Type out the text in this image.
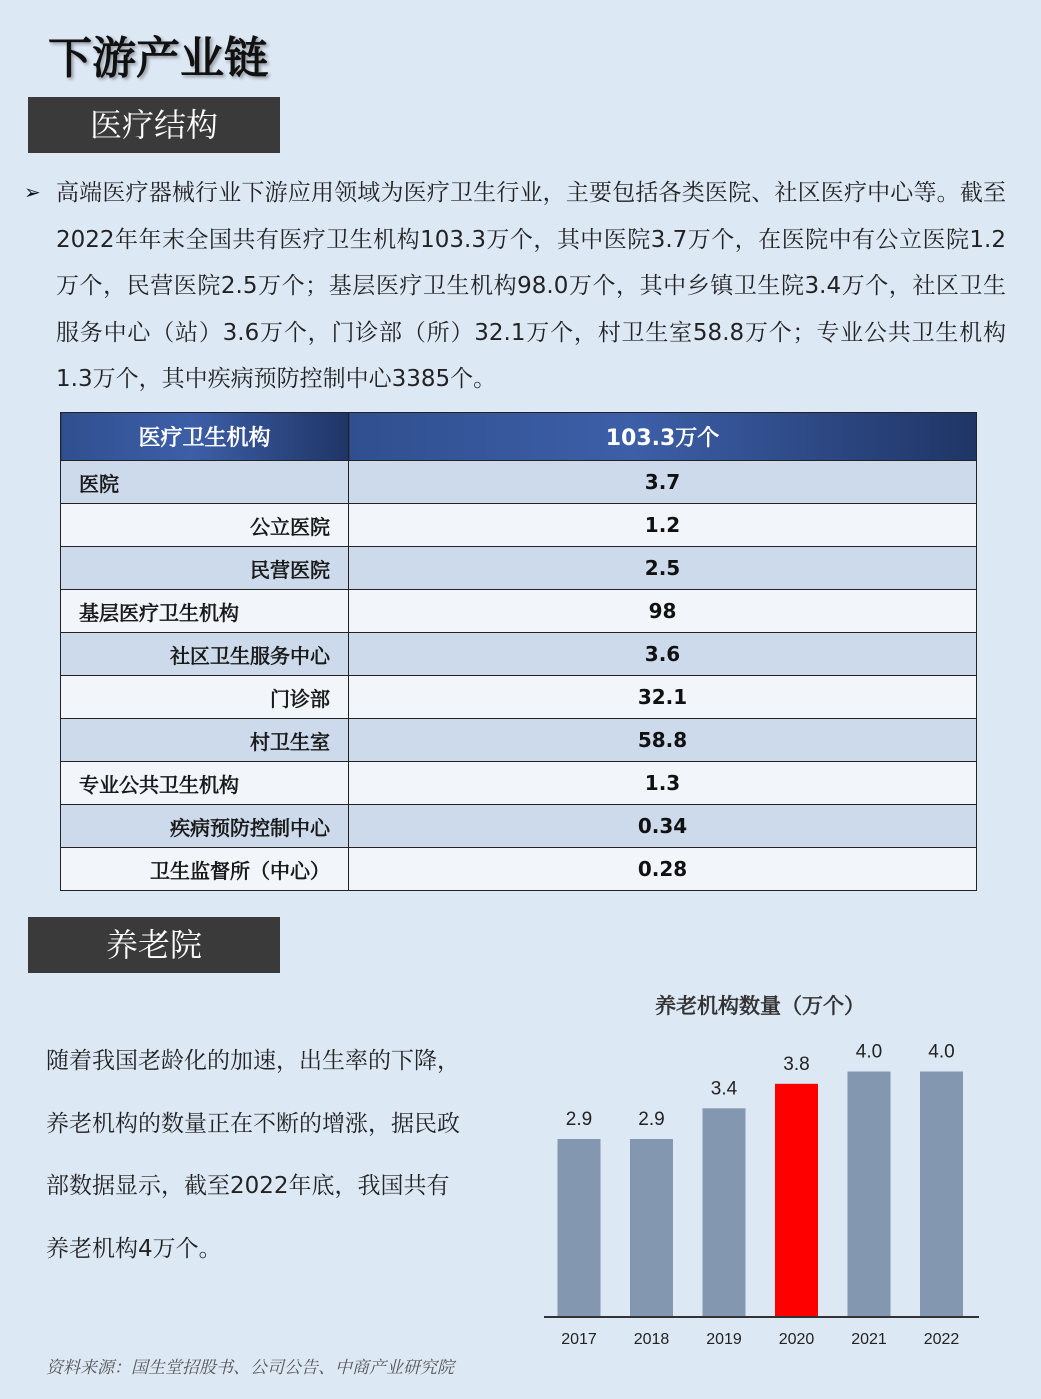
下游产业链
医疗结构
➢ 高端医疗器械行业下游应用领域为医疗卫生行业，主要包括各类医院、社区医疗中心等。截至2022年年末全国共有医疗卫生机构103.3万个，其中医院3.7万个，在医院中有公立医院1.2万个，民营医院2.5万个；基层医疗卫生机构98.0万个，其中乡镇卫生院3.4万个，社区卫生服务中心（站）3.6万个，门诊部（所）32.1万个，村卫生室58.8万个；专业公共卫生机构1.3万个，其中疾病预防控制中心3385个。

医疗卫生机构	103.3万个
医院	3.7
公立医院	1.2
民营医院	2.5
基层医疗卫生机构	98
社区卫生服务中心	3.6
门诊部	32.1
村卫生室	58.8
专业公共卫生机构	1.3
疾病预防控制中心	0.34
卫生监督所（中心）	0.28
养老院

随着我国老龄化的加速，出生率的下降，养老机构的数量正在不断的增涨，据民政部数据显示，截至2022年底，我国共有养老机构4万个。

养老机构数量（万个）
2.9
2017
2.9
2018
3.4
2019
3.8
2020
4.0
2021
4.0
2022
资料来源：国生堂招股书、公司公告、中商产业研究院
